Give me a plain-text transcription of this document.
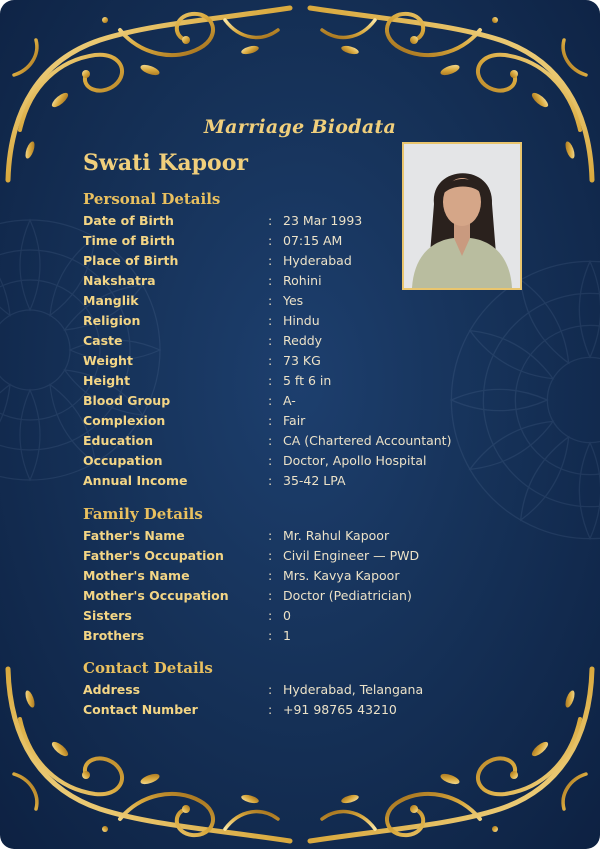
Marriage Biodata
Swati Kapoor
Personal Details
Date of Birth	: 23 Mar 1993
Time of Birth	: 07:15 AM
Place of Birth	: Hyderabad
Nakshatra	: Rohini
Manglik	: Yes
Religion	: Hindu
Caste	: Reddy
Weight	: 73 KG
Height	: 5 ft 6 in
Blood Group	: A-
Complexion	: Fair
Education	: CA (Chartered Accountant)
Occupation	: Doctor, Apollo Hospital
Annual Income	: 35-42 LPA
Family Details
Father's Name	: Mr. Rahul Kapoor
Father's Occupation	: Civil Engineer — PWD
Mother's Name	: Mrs. Kavya Kapoor
Mother's Occupation	: Doctor (Pediatrician)
Sisters	: 0
Brothers	: 1
Contact Details
Address	: Hyderabad, Telangana
Contact Number	: +91 98765 43210
